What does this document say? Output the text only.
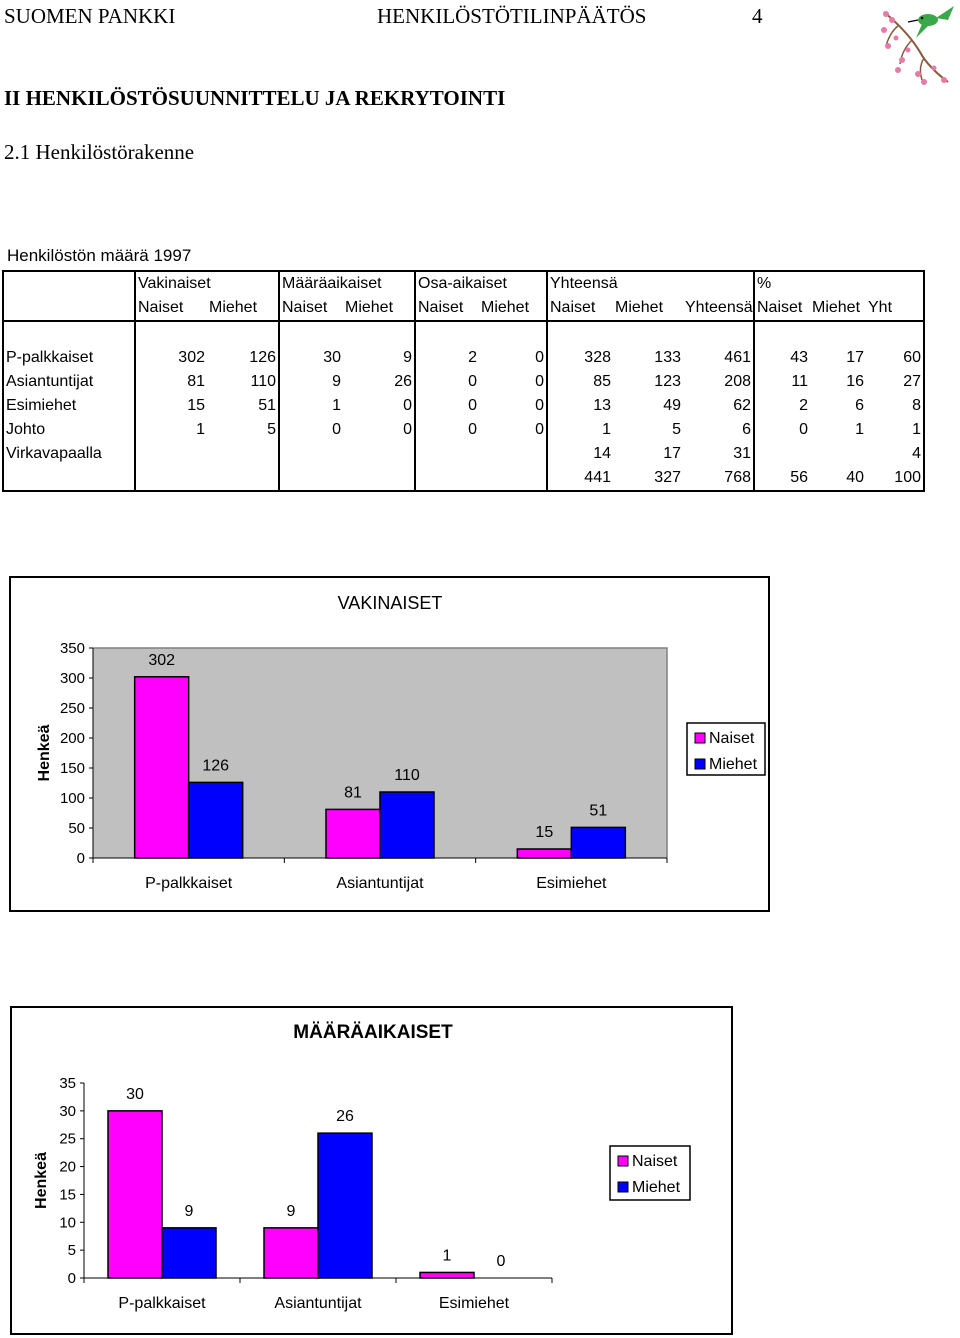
SUOMEN PANKKI	HENKILÖSTÖTILINPÄÄTÖS	4
II HENKILÖSTÖSUUNNITTELU JA REKRYTOINTI
2.1 Henkilöstörakenne
Henkilöstön määrä 1997
	Vakinaiset		Määräaikaiset		Osa-aikaiset		Yhteensä			%		
	Naiset	Miehet	Naiset	Miehet	Naiset	Miehet	Naiset	Miehet	Yhteensä	Naiset	Miehet	Yht

P-palkkaiset	302	126	30	9	2	0	328	133	461	43	17	60
Asiantuntijat	81	110	9	26	0	0	85	123	208	11	16	27
Esimiehet	15	51	1	0	0	0	13	49	62	2	6	8
Johto	1	5	0	0	0	0	1	5	6	0	1	1
Virkavapaalla							14	17	31			4
							441	327	768	56	40	100
VAKINAISET
Henkeä
0
50
100
150
200
250
300
350
P-palkkaiset
302
126
Asiantuntijat
81
110
Esimiehet
15
51
Naiset
Miehet
MÄÄRÄAIKAISET
Henkeä
0
5
10
15
20
25
30
35
P-palkkaiset
30
9
Asiantuntijat
9
26
Esimiehet
1	0
Naiset
Miehet
